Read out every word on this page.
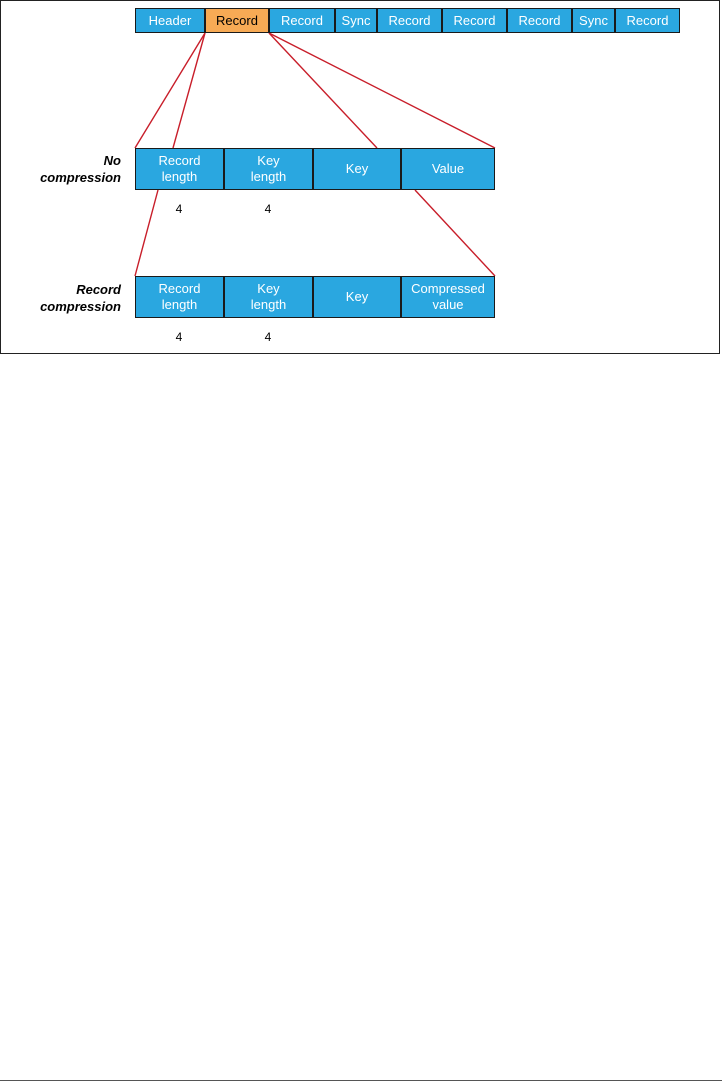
Header Record Record Sync Record Record Record Sync Record
No
compression
Record
length
Key
length
Key	Value
4	4
Record
compression
Record
length
Key
length
Key
Compressed
value
4	4
